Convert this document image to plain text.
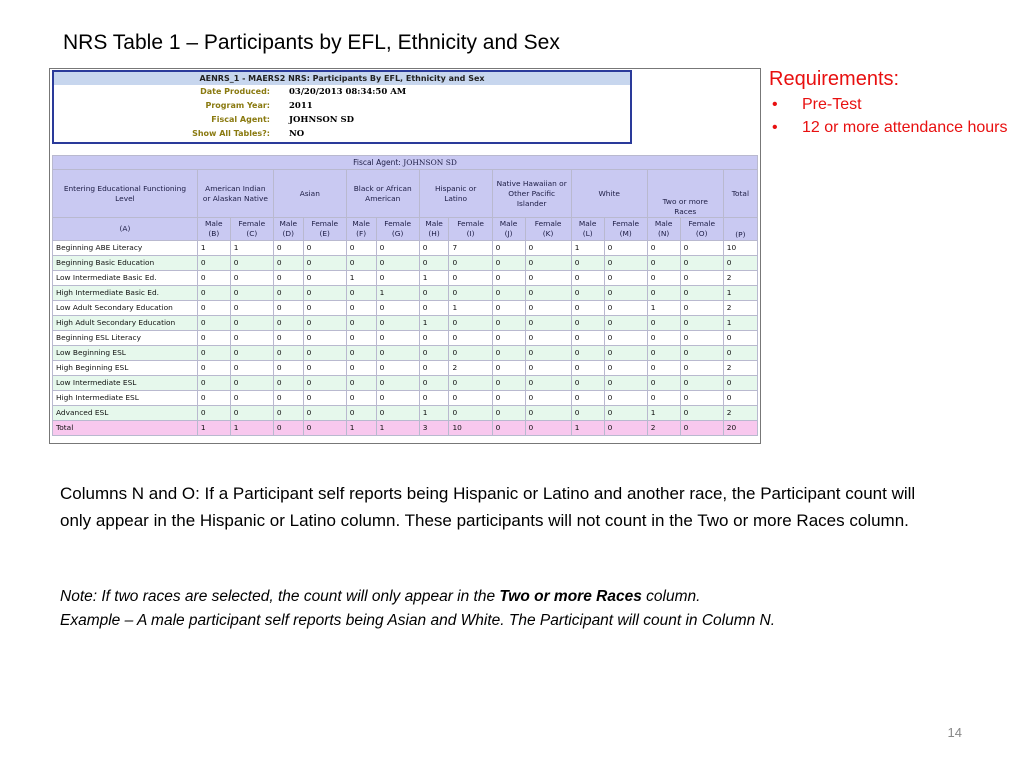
NRS Table 1 – Participants by EFL, Ethnicity and Sex
AENRS_1 - MAERS2 NRS: Participants By EFL, Ethnicity and Sex
Date Produced: 03/20/2013 08:34:50 AM
Program Year: 2011
Fiscal Agent: JOHNSON SD
Show All Tables?: NO
Fiscal Agent: JOHNSON SD															
Entering Educational Functioning Level	American Indian or Alaskan Native		Asian		Black or African American		Hispanic or Latino		Native Hawaiian or Other Pacific Islander		White		Two or more Races		Total
(A)	Male (B)	Female (C)	Male (D)	Female (E)	Male (F)	Female (G)	Male (H)	Female (I)	Male (J)	Female (K)	Male (L)	Female (M)	Male (N)	Female (O)	(P)
Beginning ABE Literacy	1	1	0	0	0	0	0	7	0	0	1	0	0	0	10
Beginning Basic Education	0	0	0	0	0	0	0	0	0	0	0	0	0	0	0
Low Intermediate Basic Ed.	0	0	0	0	1	0	1	0	0	0	0	0	0	0	2
High Intermediate Basic Ed.	0	0	0	0	0	1	0	0	0	0	0	0	0	0	1
Low Adult Secondary Education	0	0	0	0	0	0	0	1	0	0	0	0	1	0	2
High Adult Secondary Education	0	0	0	0	0	0	1	0	0	0	0	0	0	0	1
Beginning ESL Literacy	0	0	0	0	0	0	0	0	0	0	0	0	0	0	0
Low Beginning ESL	0	0	0	0	0	0	0	0	0	0	0	0	0	0	0
High Beginning ESL	0	0	0	0	0	0	0	2	0	0	0	0	0	0	2
Low Intermediate ESL	0	0	0	0	0	0	0	0	0	0	0	0	0	0	0
High Intermediate ESL	0	0	0	0	0	0	0	0	0	0	0	0	0	0	0
Advanced ESL	0	0	0	0	0	0	1	0	0	0	0	0	1	0	2
Total	1	1	0	0	1	1	3	10	0	0	1	0	2	0	20
Requirements:
• Pre-Test
• 12 or more attendance hours
Columns N and O: If a Participant self reports being Hispanic or Latino and another race, the Participant count will only appear in the Hispanic or Latino column. These participants will not count in the Two or more Races column.
Note: If two races are selected, the count will only appear in the Two or more Races column.
Example – A male participant self reports being Asian and White. The Participant will count in Column N.
14
